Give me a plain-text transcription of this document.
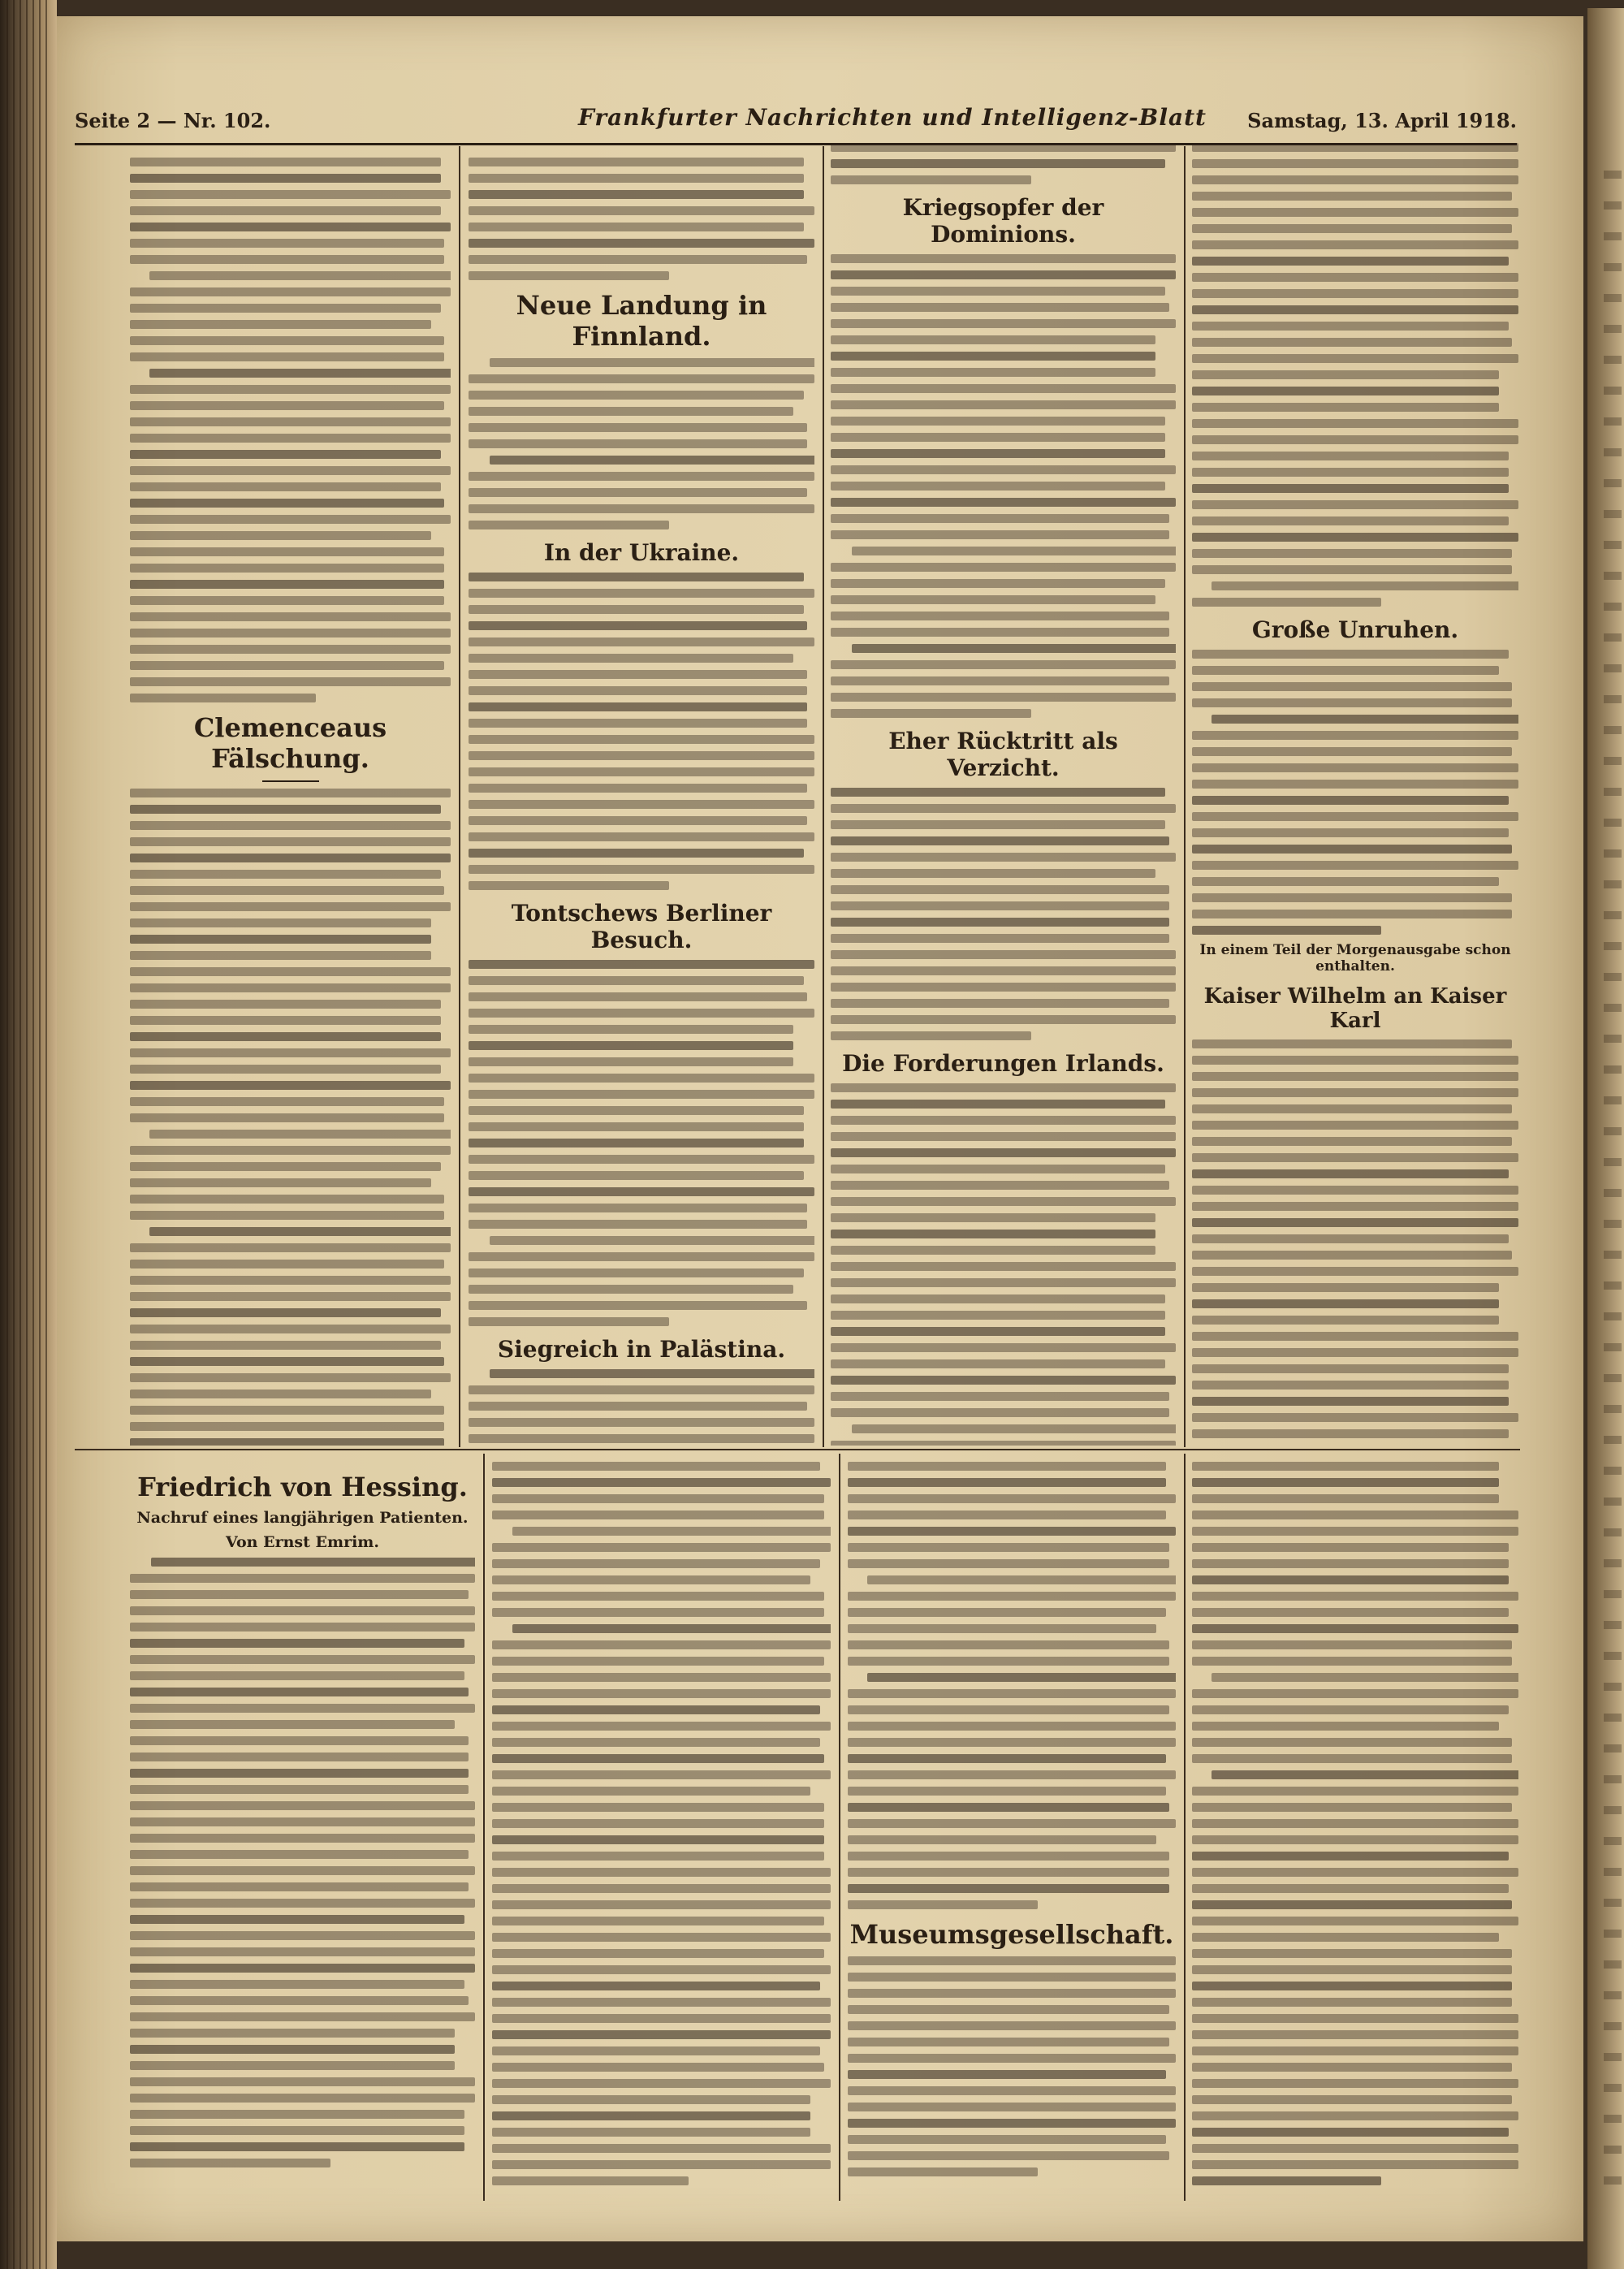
Seite 2 — Nr. 102.	Frankfurter Nachrichten und Intelligenz-Blatt Samstag, 13. April 1918.
Clemenceaus Fälschung.
Neue Landung in Finnland.
In der Ukraine.
Tontschews Berliner Besuch.
Siegreich in Palästina.
Kriegsopfer der Dominions.
Eher Rücktritt als Verzicht.
Die Forderungen Irlands.
Große Unruhen.
In einem Teil der Morgenausgabe schon enthalten.
Kaiser Wilhelm an Kaiser Karl
Friedrich von Hessing.
Nachruf eines langjährigen Patienten.
Von Ernst Emrim.
Museumsgesellschaft.
